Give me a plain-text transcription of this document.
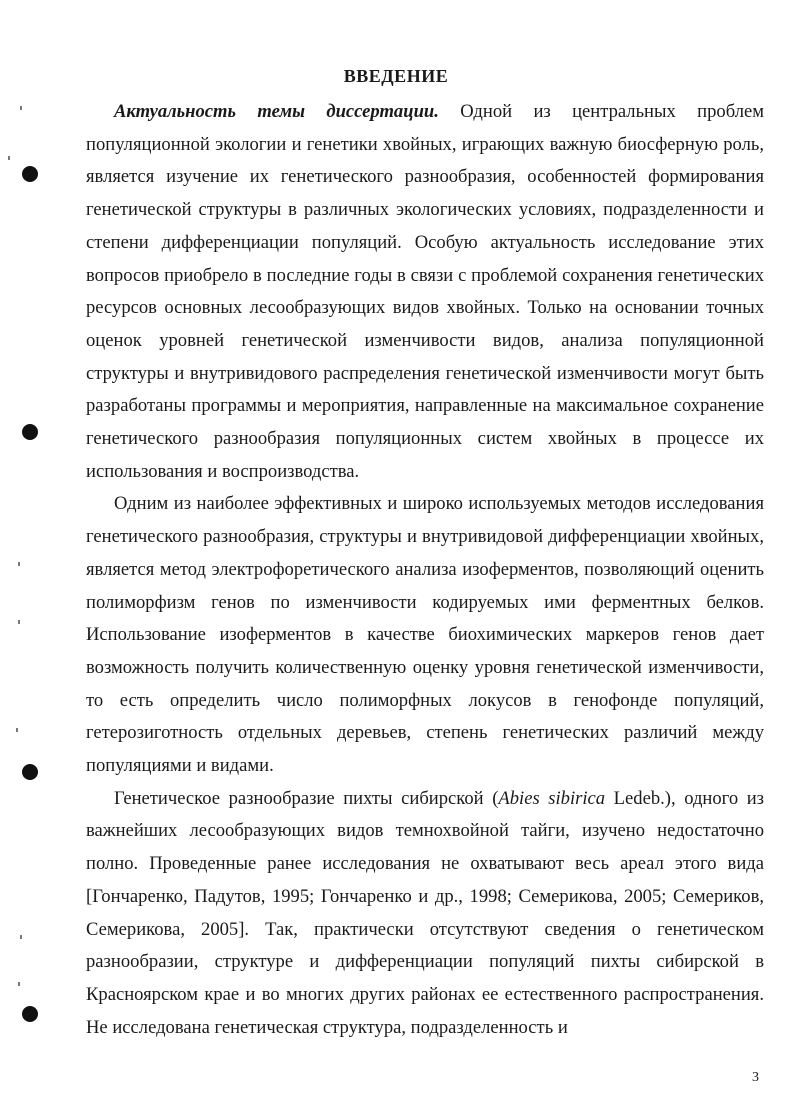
ВВЕДЕНИЕ

Актуальность темы диссертации. Одной из центральных проблем популяционной экологии и генетики хвойных, играющих важную биосферную роль, является изучение их генетического разнообразия, особенностей формирования генетической структуры в различных экологических условиях, подразделенности и степени дифференциации популяций. Особую актуальность исследование этих вопросов приобрело в последние годы в связи с проблемой сохранения генетических ресурсов основных лесообразующих видов хвойных. Только на основании точных оценок уровней генетической изменчивости видов, анализа популяционной структуры и внутривидового распределения генетической изменчивости могут быть разработаны программы и мероприятия, направленные на максимальное сохранение генетического разнообразия популяционных систем хвойных в процессе их использования и воспроизводства.

Одним из наиболее эффективных и широко используемых методов исследования генетического разнообразия, структуры и внутривидовой дифференциации хвойных, является метод электрофоретического анализа изоферментов, позволяющий оценить полиморфизм генов по изменчивости кодируемых ими ферментных белков. Использование изоферментов в качестве биохимических маркеров генов дает возможность получить количественную оценку уровня генетической изменчивости, то есть определить число полиморфных локусов в генофонде популяций, гетерозиготность отдельных деревьев, степень генетических различий между популяциями и видами.

Генетическое разнообразие пихты сибирской (Abies sibirica Ledeb.), одного из важнейших лесообразующих видов темнохвойной тайги, изучено недостаточно полно. Проведенные ранее исследования не охватывают весь ареал этого вида [Гончаренко, Падутов, 1995; Гончаренко и др., 1998; Семерикова, 2005; Семериков, Семерикова, 2005]. Так, практически отсутствуют сведения о генетическом разнообразии, структуре и дифференциации популяций пихты сибирской в Красноярском крае и во многих других районах ее естественного распространения. Не исследована генетическая структура, подразделенность и

3
